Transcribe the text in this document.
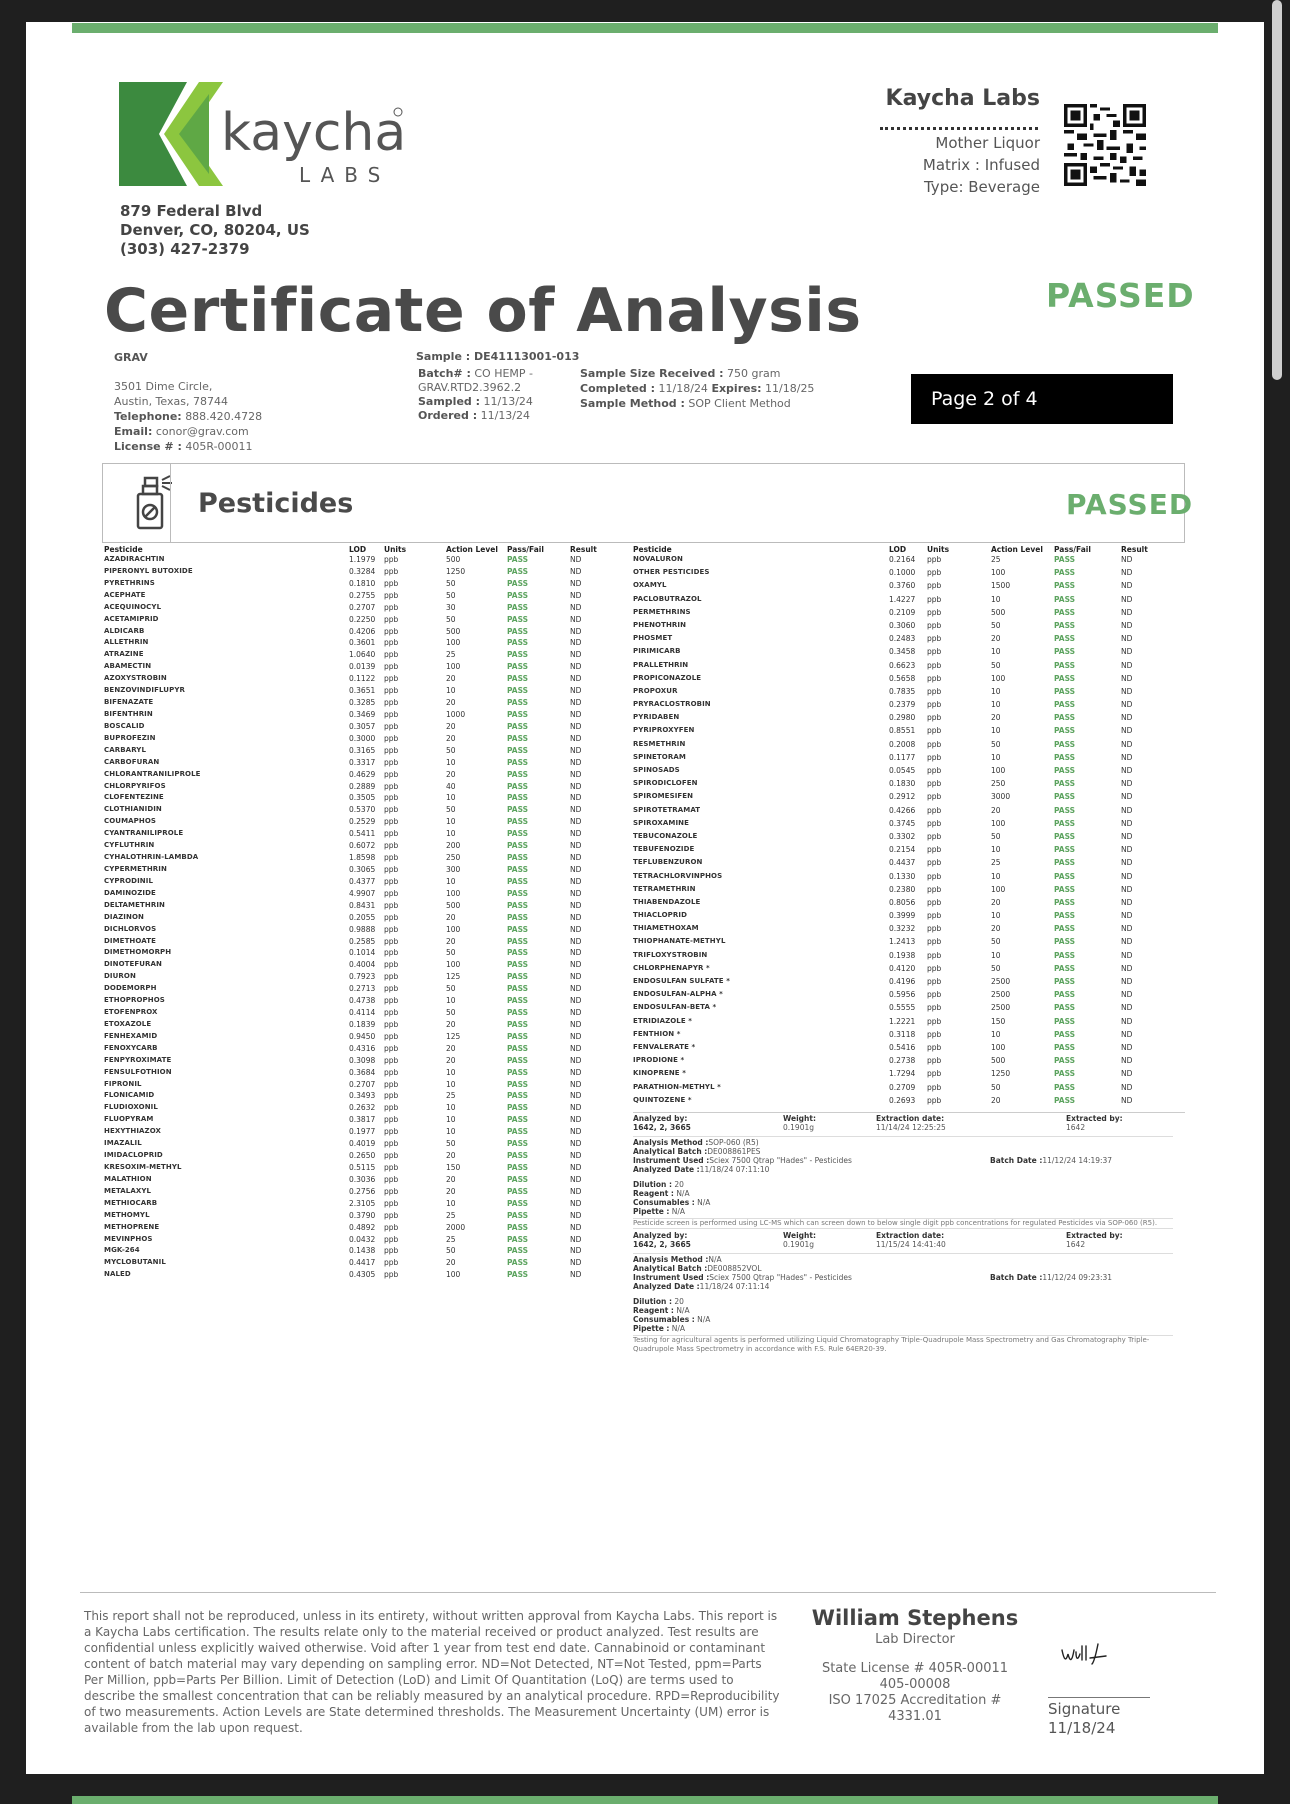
kaycha
LABS
879 Federal Blvd
Denver, CO, 80204, US
(303) 427-2379
Kaycha Labs
Mother Liquor
Matrix : Infused
Type: Beverage
Certificate of Analysis	PASSED
GRAV
3501 Dime Circle,
Austin, Texas, 78744
Telephone: 888.420.4728
Email: conor@grav.com
License # : 405R-00011
Sample : DE41113001-013
Batch# : CO HEMP -
GRAV.RTD2.3962.2
Sampled : 11/13/24
Ordered : 11/13/24
Sample Size Received : 750 gram
Completed : 11/18/24 Expires: 11/18/25
Sample Method : SOP Client Method	Page 2 of 4
Pesticides	PASSED
Pesticide	LOD Units	Action Level Pass/Fail	Result
AZADIRACHTIN	1.1979 ppb	500	PASS	ND
PIPERONYL BUTOXIDE	0.3284 ppb	1250	PASS	ND
PYRETHRINS	0.1810 ppb	50	PASS	ND
ACEPHATE	0.2755 ppb	50	PASS	ND
ACEQUINOCYL	0.2707 ppb	30	PASS	ND
ACETAMIPRID	0.2250 ppb	50	PASS	ND
ALDICARB	0.4206 ppb	500	PASS	ND
ALLETHRIN	0.3601 ppb	100	PASS	ND
ATRAZINE	1.0640 ppb	25	PASS	ND
ABAMECTIN	0.0139 ppb	100	PASS	ND
AZOXYSTROBIN	0.1122 ppb	20	PASS	ND
BENZOVINDIFLUPYR	0.3651 ppb	10	PASS	ND
BIFENAZATE	0.3285 ppb	20	PASS	ND
BIFENTHRIN	0.3469 ppb	1000	PASS	ND
BOSCALID	0.3057 ppb	20	PASS	ND
BUPROFEZIN	0.3000 ppb	20	PASS	ND
CARBARYL	0.3165 ppb	50	PASS	ND
CARBOFURAN	0.3317 ppb	10	PASS	ND
CHLORANTRANILIPROLE	0.4629 ppb	20	PASS	ND
CHLORPYRIFOS	0.2889 ppb	40	PASS	ND
CLOFENTEZINE	0.3505 ppb	10	PASS	ND
CLOTHIANIDIN	0.5370 ppb	50	PASS	ND
COUMAPHOS	0.2529 ppb	10	PASS	ND
CYANTRANILIPROLE	0.5411 ppb	10	PASS	ND
CYFLUTHRIN	0.6072 ppb	200	PASS	ND
CYHALOTHRIN-LAMBDA	1.8598 ppb	250	PASS	ND
CYPERMETHRIN	0.3065 ppb	300	PASS	ND
CYPRODINIL	0.4377 ppb	10	PASS	ND
DAMINOZIDE	4.9907 ppb	100	PASS	ND
DELTAMETHRIN	0.8431 ppb	500	PASS	ND
DIAZINON	0.2055 ppb	20	PASS	ND
DICHLORVOS	0.9888 ppb	100	PASS	ND
DIMETHOATE	0.2585 ppb	20	PASS	ND
DIMETHOMORPH	0.1014 ppb	50	PASS	ND
DINOTEFURAN	0.4004 ppb	100	PASS	ND
DIURON	0.7923 ppb	125	PASS	ND
DODEMORPH	0.2713 ppb	50	PASS	ND
ETHOPROPHOS	0.4738 ppb	10	PASS	ND
ETOFENPROX	0.4114 ppb	50	PASS	ND
ETOXAZOLE	0.1839 ppb	20	PASS	ND
FENHEXAMID	0.9450 ppb	125	PASS	ND
FENOXYCARB	0.4316 ppb	20	PASS	ND
FENPYROXIMATE	0.3098 ppb	20	PASS	ND
FENSULFOTHION	0.3684 ppb	10	PASS	ND
FIPRONIL	0.2707 ppb	10	PASS	ND
FLONICAMID	0.3493 ppb	25	PASS	ND
FLUDIOXONIL	0.2632 ppb	10	PASS	ND
FLUOPYRAM	0.3817 ppb	10	PASS	ND
HEXYTHIAZOX	0.1977 ppb	10	PASS	ND
IMAZALIL	0.4019 ppb	50	PASS	ND
IMIDACLOPRID	0.2650 ppb	20	PASS	ND
KRESOXIM-METHYL	0.5115 ppb	150	PASS	ND
MALATHION	0.3036 ppb	20	PASS	ND
METALAXYL	0.2756 ppb	20	PASS	ND
METHIOCARB	2.3105 ppb	10	PASS	ND
METHOMYL	0.3790 ppb	25	PASS	ND
METHOPRENE	0.4892 ppb	2000	PASS	ND
MEVINPHOS	0.0432 ppb	25	PASS	ND
MGK-264	0.1438 ppb	50	PASS	ND
MYCLOBUTANIL	0.4417 ppb	20	PASS	ND
NALED	0.4305 ppb	100	PASS	ND
Pesticide	LOD	Units	Action Level Pass/Fail	Result
NOVALURON	0.2164 ppb	25	PASS	ND
OTHER PESTICIDES	0.1000 ppb	100	PASS	ND
OXAMYL	0.3760 ppb	1500	PASS	ND
PACLOBUTRAZOL	1.4227 ppb	10	PASS	ND
PERMETHRINS	0.2109 ppb	500	PASS	ND
PHENOTHRIN	0.3060 ppb	50	PASS	ND
PHOSMET	0.2483 ppb	20	PASS	ND
PIRIMICARB	0.3458 ppb	10	PASS	ND
PRALLETHRIN	0.6623 ppb	50	PASS	ND
PROPICONAZOLE	0.5658 ppb	100	PASS	ND
PROPOXUR	0.7835 ppb	10	PASS	ND
PRYRACLOSTROBIN	0.2379 ppb	10	PASS	ND
PYRIDABEN	0.2980 ppb	20	PASS	ND
PYRIPROXYFEN	0.8551 ppb	10	PASS	ND
RESMETHRIN	0.2008 ppb	50	PASS	ND
SPINETORAM	0.1177 ppb	10	PASS	ND
SPINOSADS	0.0545 ppb	100	PASS	ND
SPIRODICLOFEN	0.1830 ppb	250	PASS	ND
SPIROMESIFEN	0.2912 ppb	3000	PASS	ND
SPIROTETRAMAT	0.4266 ppb	20	PASS	ND
SPIROXAMINE	0.3745 ppb	100	PASS	ND
TEBUCONAZOLE	0.3302 ppb	50	PASS	ND
TEBUFENOZIDE	0.2154 ppb	10	PASS	ND
TEFLUBENZURON	0.4437 ppb	25	PASS	ND
TETRACHLORVINPHOS	0.1330 ppb	10	PASS	ND
TETRAMETHRIN	0.2380 ppb	100	PASS	ND
THIABENDAZOLE	0.8056 ppb	20	PASS	ND
THIACLOPRID	0.3999 ppb	10	PASS	ND
THIAMETHOXAM	0.3232 ppb	20	PASS	ND
THIOPHANATE-METHYL	1.2413 ppb	50	PASS	ND
TRIFLOXYSTROBIN	0.1938 ppb	10	PASS	ND
CHLORPHENAPYR *	0.4120 ppb	50	PASS	ND
ENDOSULFAN SULFATE *	0.4196 ppb	2500	PASS	ND
ENDOSULFAN-ALPHA *	0.5956 ppb	2500	PASS	ND
ENDOSULFAN-BETA *	0.5555 ppb	2500	PASS	ND
ETRIDIAZOLE *	1.2221 ppb	150	PASS	ND
FENTHION *	0.3118 ppb	10	PASS	ND
FENVALERATE *	0.5416 ppb	100	PASS	ND
IPRODIONE *	0.2738 ppb	500	PASS	ND
KINOPRENE *	1.7294 ppb	1250	PASS	ND
PARATHION-METHYL *	0.2709 ppb	50	PASS	ND
QUINTOZENE *	0.2693 ppb	20	PASS	ND
Analyzed by:
1642, 2, 3665
Weight:
0.1901g
Extraction date:
11/14/24 12:25:25
Extracted by:
1642
Analysis Method :SOP-060 (R5)
Analytical Batch :DE008861PES
Instrument Used :Sciex 7500 Qtrap "Hades" - Pesticides	Batch Date :11/12/24 14:19:37
Analyzed Date :11/18/24 07:11:10
Dilution : 20
Reagent : N/A
Consumables : N/A
Pipette : N/A
Pesticide screen is performed using LC-MS which can screen down to below single digit ppb concentrations for regulated Pesticides via SOP-060 (R5).
Analyzed by:
1642, 2, 3665
Weight:
0.1901g
Extraction date:
11/15/24 14:41:40
Extracted by:
1642
Analysis Method :N/A
Analytical Batch :DE008852VOL
Instrument Used :Sciex 7500 Qtrap "Hades" - Pesticides	Batch Date :11/12/24 09:23:31
Analyzed Date :11/18/24 07:11:14
Dilution : 20
Reagent : N/A
Consumables : N/A
Pipette : N/A
Testing for agricultural agents is performed utilizing Liquid Chromatography Triple-Quadrupole Mass Spectrometry and Gas Chromatography Triple-Quadrupole Mass Spectrometry in accordance with F.S. Rule 64ER20-39.
This report shall not be reproduced, unless in its entirety, without written approval from Kaycha Labs. This report is a Kaycha Labs certification. The results relate only to the material received or product analyzed. Test results are confidential unless explicitly waived otherwise. Void after 1 year from test end date. Cannabinoid or contaminant content of batch material may vary depending on sampling error. ND=Not Detected, NT=Not Tested, ppm=Parts Per Million, ppb=Parts Per Billion. Limit of Detection (LoD) and Limit Of Quantitation (LoQ) are terms used to describe the smallest concentration that can be reliably measured by an analytical procedure. RPD=Reproducibility of two measurements. Action Levels are State determined thresholds. The Measurement Uncertainty (UM) error is available from the lab upon request.
William Stephens
Lab Director
State License # 405R-00011
405-00008
ISO 17025 Accreditation # 4331.01	Signature
11/18/24
